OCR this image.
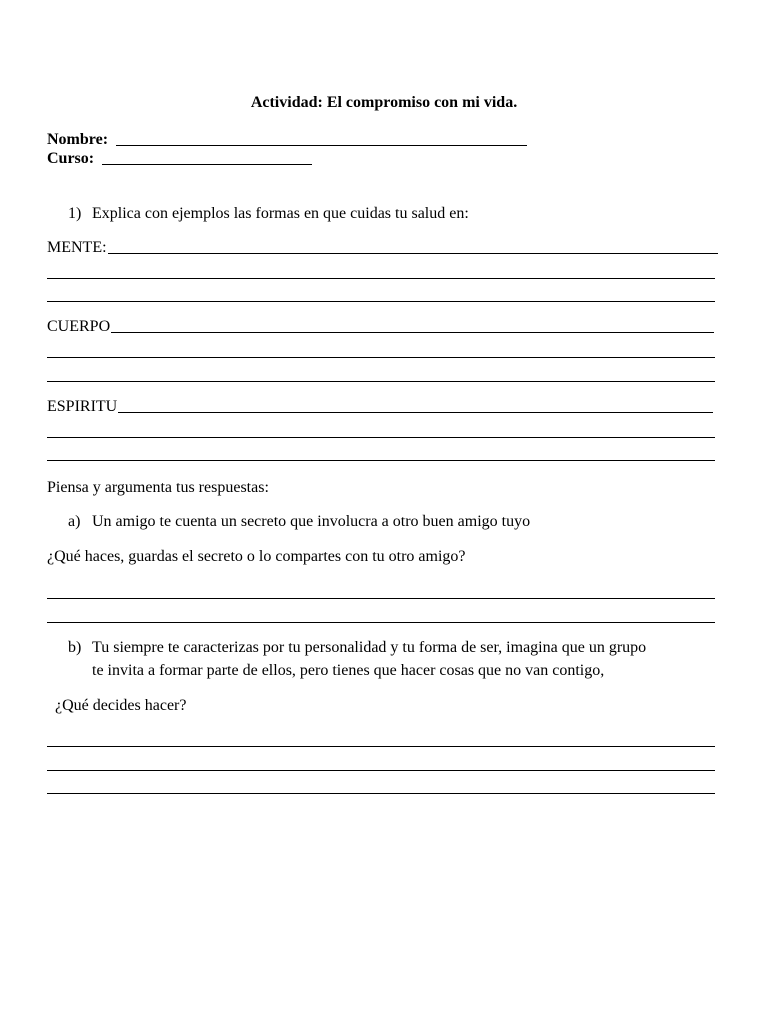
Actividad: El compromiso con mi vida.
Nombre:
Curso:
1) Explica con ejemplos las formas en que cuidas tu salud en:
MENTE:
CUERPO
ESPIRITU
Piensa y argumenta tus respuestas:
a) Un amigo te cuenta un secreto que involucra a otro buen amigo tuyo
¿Qué haces, guardas el secreto o lo compartes con tu otro amigo?
b) Tu siempre te caracterizas por tu personalidad y tu forma de ser, imagina que un grupo
te invita a formar parte de ellos, pero tienes que hacer cosas que no van contigo,
¿Qué decides hacer?
